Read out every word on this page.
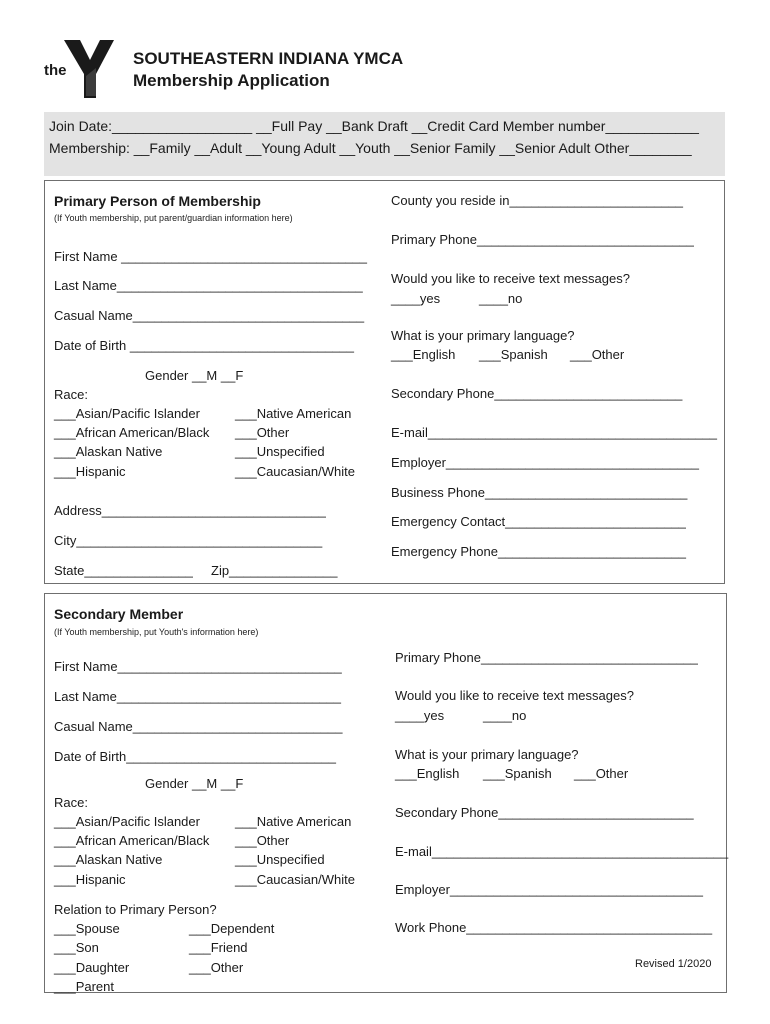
the
SOUTHEASTERN INDIANA YMCA
Membership Application
Join Date:__________________ __Full Pay __Bank Draft __Credit Card Member number____________
Membership: __Family __Adult __Young Adult __Youth __Senior Family __Senior Adult Other________
Primary Person of Membership
(If Youth membership, put parent/guardian information here)
First Name __________________________________
Last Name__________________________________
Casual Name________________________________
Date of Birth _______________________________
Gender __M __F
Race:
___Asian/Pacific Islander
___African American/Black
___Alaskan Native
___Hispanic
___Native American
___Other
___Unspecified
___Caucasian/White
Address_______________________________
City__________________________________
State_______________ Zip_______________
County you reside in________________________
Primary Phone______________________________
Would you like to receive text messages?
____yes	____no
What is your primary language?
___English ___Spanish ___Other
Secondary Phone__________________________
E-mail________________________________________
Employer___________________________________
Business Phone____________________________
Emergency Contact_________________________
Emergency Phone__________________________
Secondary Member
(If Youth membership, put Youth's information here)
First Name_______________________________
Last Name_______________________________
Casual Name_____________________________
Date of Birth_____________________________
Gender __M __F
Race:
___Asian/Pacific Islander
___African American/Black
___Alaskan Native
___Hispanic
___Native American
___Other
___Unspecified
___Caucasian/White
Relation to Primary Person?
___Spouse
___Son
___Daughter
___Parent
___Dependent
___Friend
___Other
Primary Phone______________________________
Would you like to receive text messages?
____yes	____no
What is your primary language?
___English ___Spanish ___Other
Secondary Phone___________________________
E-mail_________________________________________
Employer___________________________________
Work Phone__________________________________
Revised 1/2020
